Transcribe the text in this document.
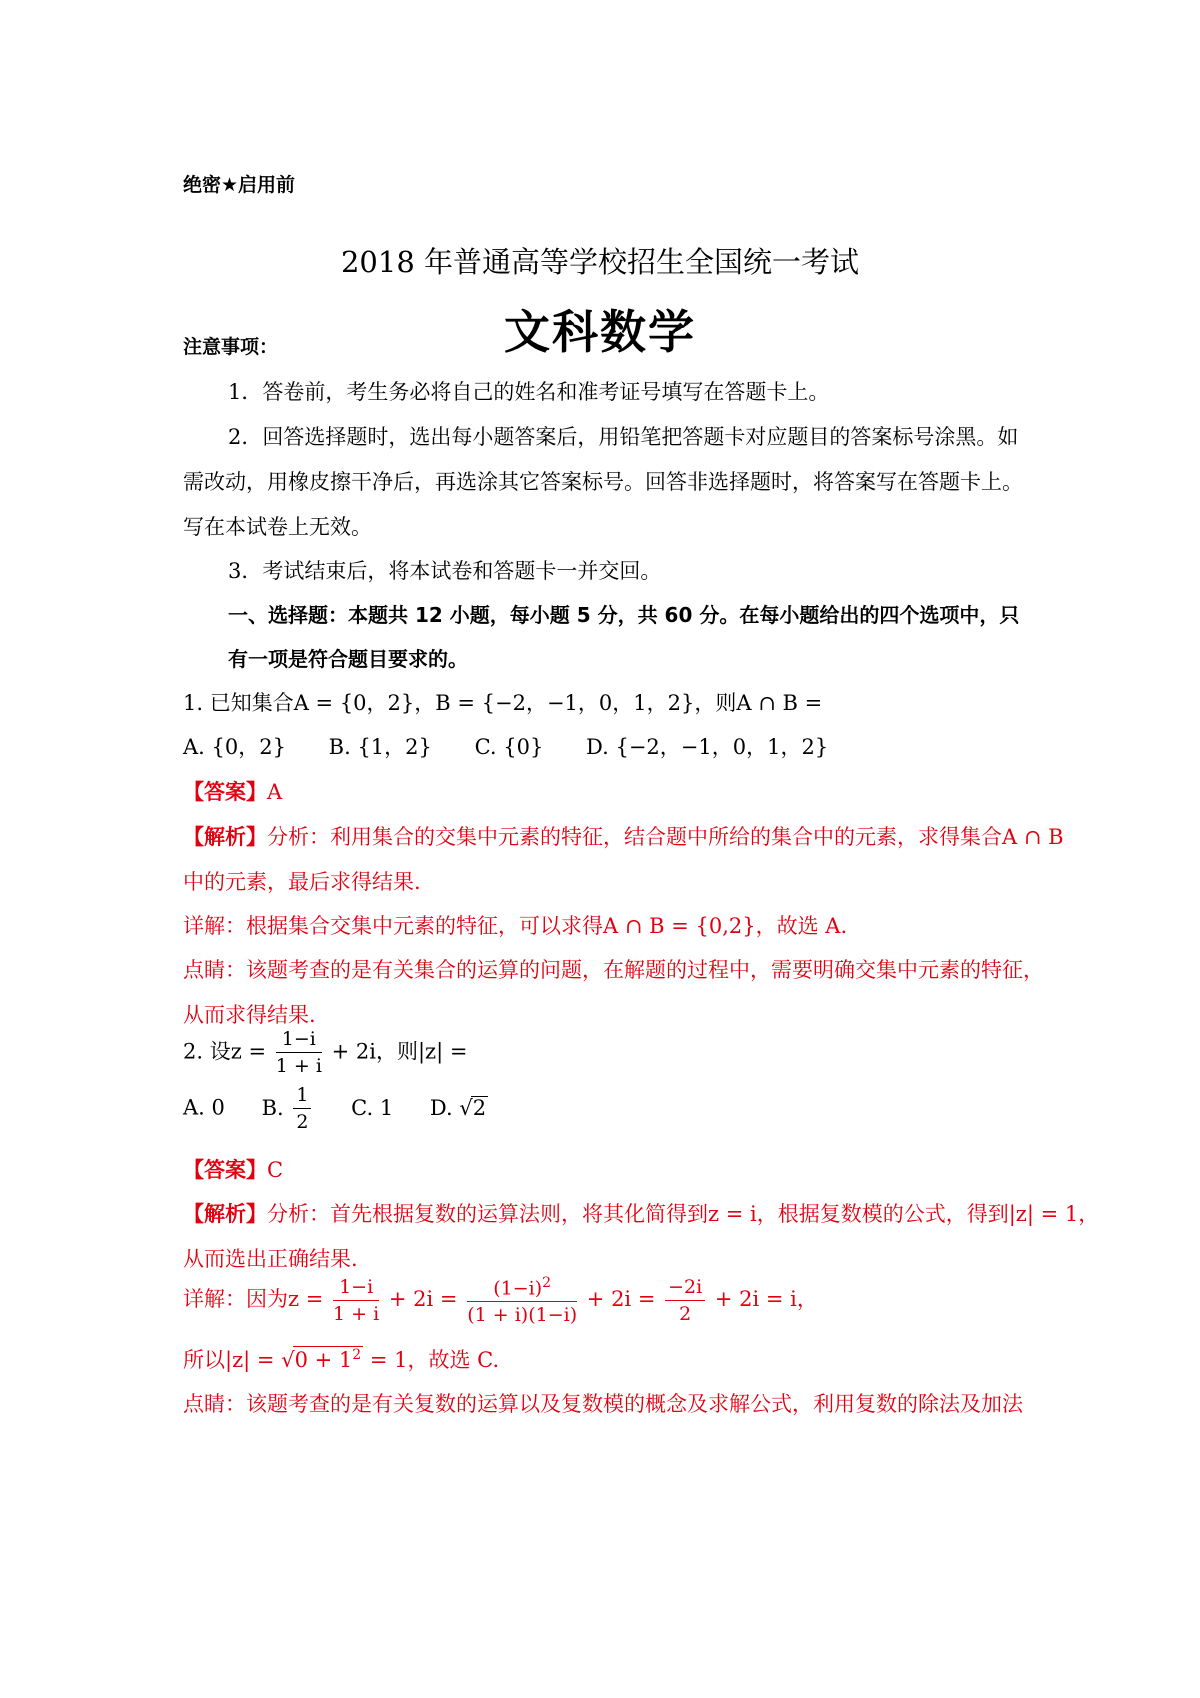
绝密★启用前
2018 年普通高等学校招生全国统一考试
文科数学
注意事项：
1．答卷前，考生务必将自己的姓名和准考证号填写在答题卡上。
2．回答选择题时，选出每小题答案后，用铅笔把答题卡对应题目的答案标号涂黑。如
需改动，用橡皮擦干净后，再选涂其它答案标号。回答非选择题时，将答案写在答题卡上。
写在本试卷上无效。
3．考试结束后，将本试卷和答题卡一并交回。
一、选择题：本题共 12 小题，每小题 5 分，共 60 分。在每小题给出的四个选项中，只
有一项是符合题目要求的。
1. 已知集合A = {0，2}，B = {−2，−1，0，1，2}，则A ∩ B =
A. {0，2} B. {1，2} C. {0} D. {−2，−1，0，1，2}
【答案】A
【解析】分析：利用集合的交集中元素的特征，结合题中所给的集合中的元素，求得集合A ∩ B
中的元素，最后求得结果.
详解：根据集合交集中元素的特征，可以求得A ∩ B = {0,2}，故选 A.
点睛：该题考查的是有关集合的运算的问题，在解题的过程中，需要明确交集中元素的特征，
从而求得结果.
2. 设$z = \frac{1-i}{1 + i} + 2i$，则|z| =
A. 0 B. $\frac{1}{2} C$. 1 D. √2
【答案】C
【解析】分析：首先根据复数的运算法则，将其化简得到z = i，根据复数模的公式，得到|z| = 1，
从而选出正确结果.
详解：因为$z = \frac{1-i}{1 + i} + 2i = \frac{(1-i)^2}{(1 + i)(1-i)} + 2i = \frac{-2i}{2} + 2i = i$，
所以$|z| = √0 + 1^2 = 1$，故选 C.
点睛：该题考查的是有关复数的运算以及复数模的概念及求解公式，利用复数的除法及加法
